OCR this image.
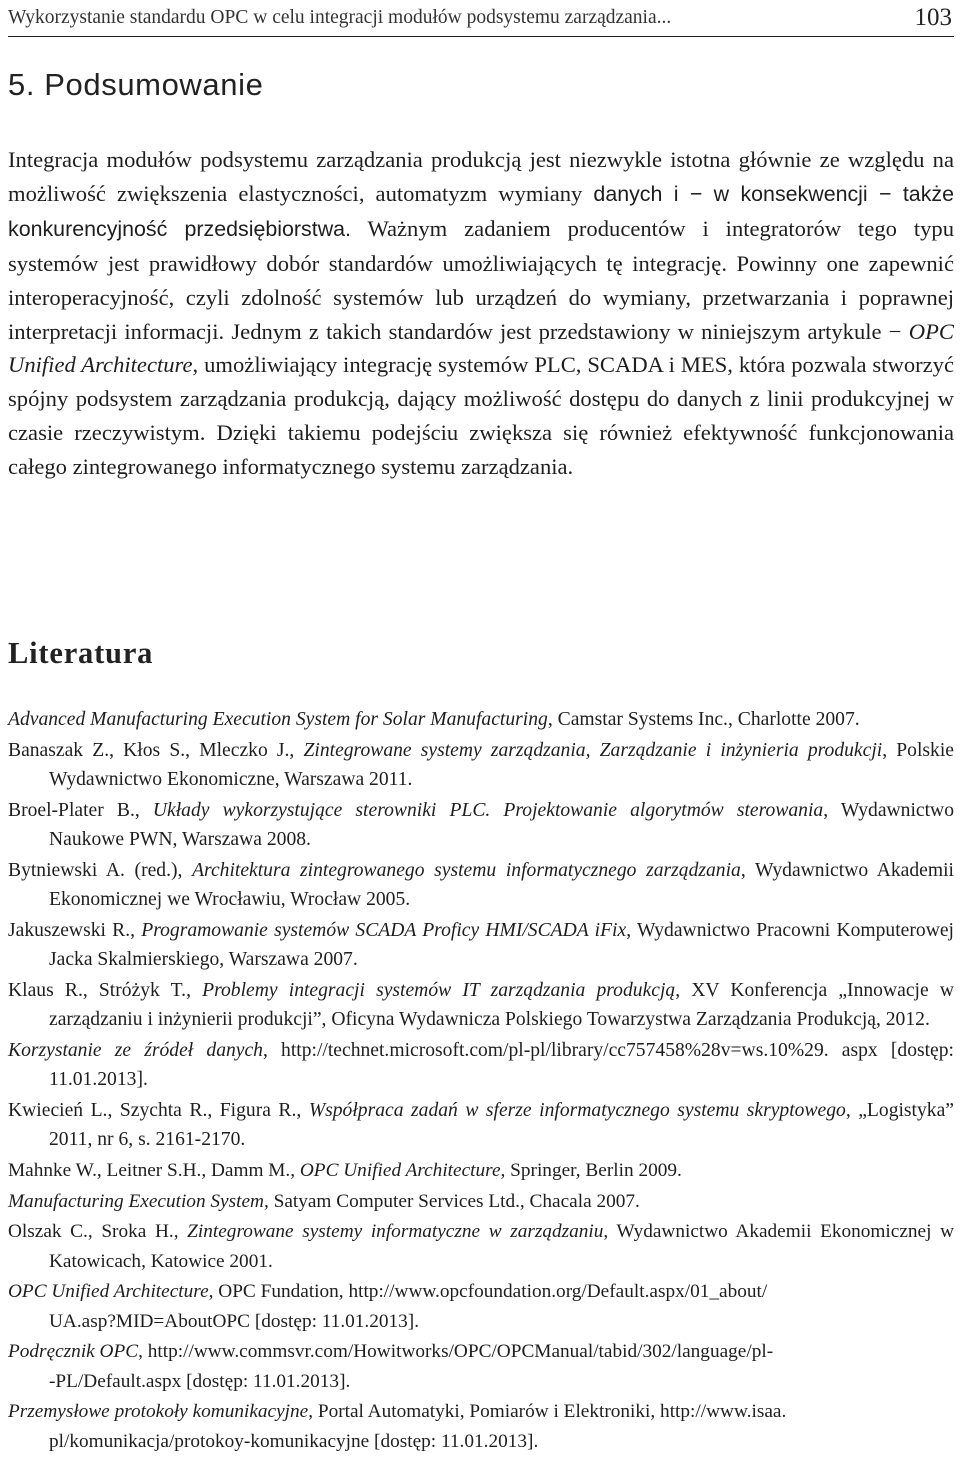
Wykorzystanie standardu OPC w celu integracji modułów podsystemu zarządzania...	103
5. Podsumowanie

Integracja modułów podsystemu zarządzania produkcją jest niezwykle istotna głównie ze względu na możliwość zwiększenia elastyczności, automatyzm wymiany danych i − w konsekwencji − także konkurencyjność przedsiębiorstwa. Ważnym zadaniem producentów i integratorów tego typu systemów jest prawidłowy dobór standardów umożliwiających tę integrację. Powinny one zapewnić interoperacyjność, czyli zdolność systemów lub urządzeń do wymiany, przetwarzania i poprawnej interpretacji informacji. Jednym z takich standardów jest przedstawiony w niniejszym artykule − OPC Unified Architecture, umożliwiający integrację systemów PLC, SCADA i MES, która pozwala stworzyć spójny podsystem zarządzania produkcją, dający możliwość dostępu do danych z linii produkcyjnej w czasie rzeczywistym. Dzięki takiemu podejściu zwiększa się również efektywność funkcjonowania całego zintegrowanego informatycznego systemu zarządzania.

Literatura
Advanced Manufacturing Execution System for Solar Manufacturing, Camstar Systems Inc., Charlotte 2007.
Banaszak Z., Kłos S., Mleczko J., Zintegrowane systemy zarządzania, Zarządzanie i inżynieria produkcji, Polskie Wydawnictwo Ekonomiczne, Warszawa 2011.
Broel-Plater B., Układy wykorzystujące sterowniki PLC. Projektowanie algorytmów sterowania, Wydawnictwo Naukowe PWN, Warszawa 2008.
Bytniewski A. (red.), Architektura zintegrowanego systemu informatycznego zarządzania, Wydawnictwo Akademii Ekonomicznej we Wrocławiu, Wrocław 2005.
Jakuszewski R., Programowanie systemów SCADA Proficy HMI/SCADA iFix, Wydawnictwo Pracowni Komputerowej Jacka Skalmierskiego, Warszawa 2007.
Klaus R., Stróżyk T., Problemy integracji systemów IT zarządzania produkcją, XV Konferencja „Innowacje w zarządzaniu i inżynierii produkcji”, Oficyna Wydawnicza Polskiego Towarzystwa Zarządzania Produkcją, 2012.
Korzystanie ze źródeł danych, http://technet.microsoft.com/pl-pl/library/cc757458%28v=ws.10%29. aspx [dostęp: 11.01.2013].
Kwiecień L., Szychta R., Figura R., Współpraca zadań w sferze informatycznego systemu skryptowego, „Logistyka” 2011, nr 6, s. 2161-2170.
Mahnke W., Leitner S.H., Damm M., OPC Unified Architecture, Springer, Berlin 2009.
Manufacturing Execution System, Satyam Computer Services Ltd., Chacala 2007.
Olszak C., Sroka H., Zintegrowane systemy informatyczne w zarządzaniu, Wydawnictwo Akademii Ekonomicznej w Katowicach, Katowice 2001.
OPC Unified Architecture, OPC Fundation, http://www.opcfoundation.org/Default.aspx/01_about/
UA.asp?MID=AboutOPC [dostęp: 11.01.2013].
Podręcznik OPC, http://www.commsvr.com/Howitworks/OPC/OPCManual/tabid/302/language/pl-
-PL/Default.aspx [dostęp: 11.01.2013].
Przemysłowe protokoły komunikacyjne, Portal Automatyki, Pomiarów i Elektroniki, http://www.isaa.
pl/komunikacja/protokoy-komunikacyjne [dostęp: 11.01.2013].
